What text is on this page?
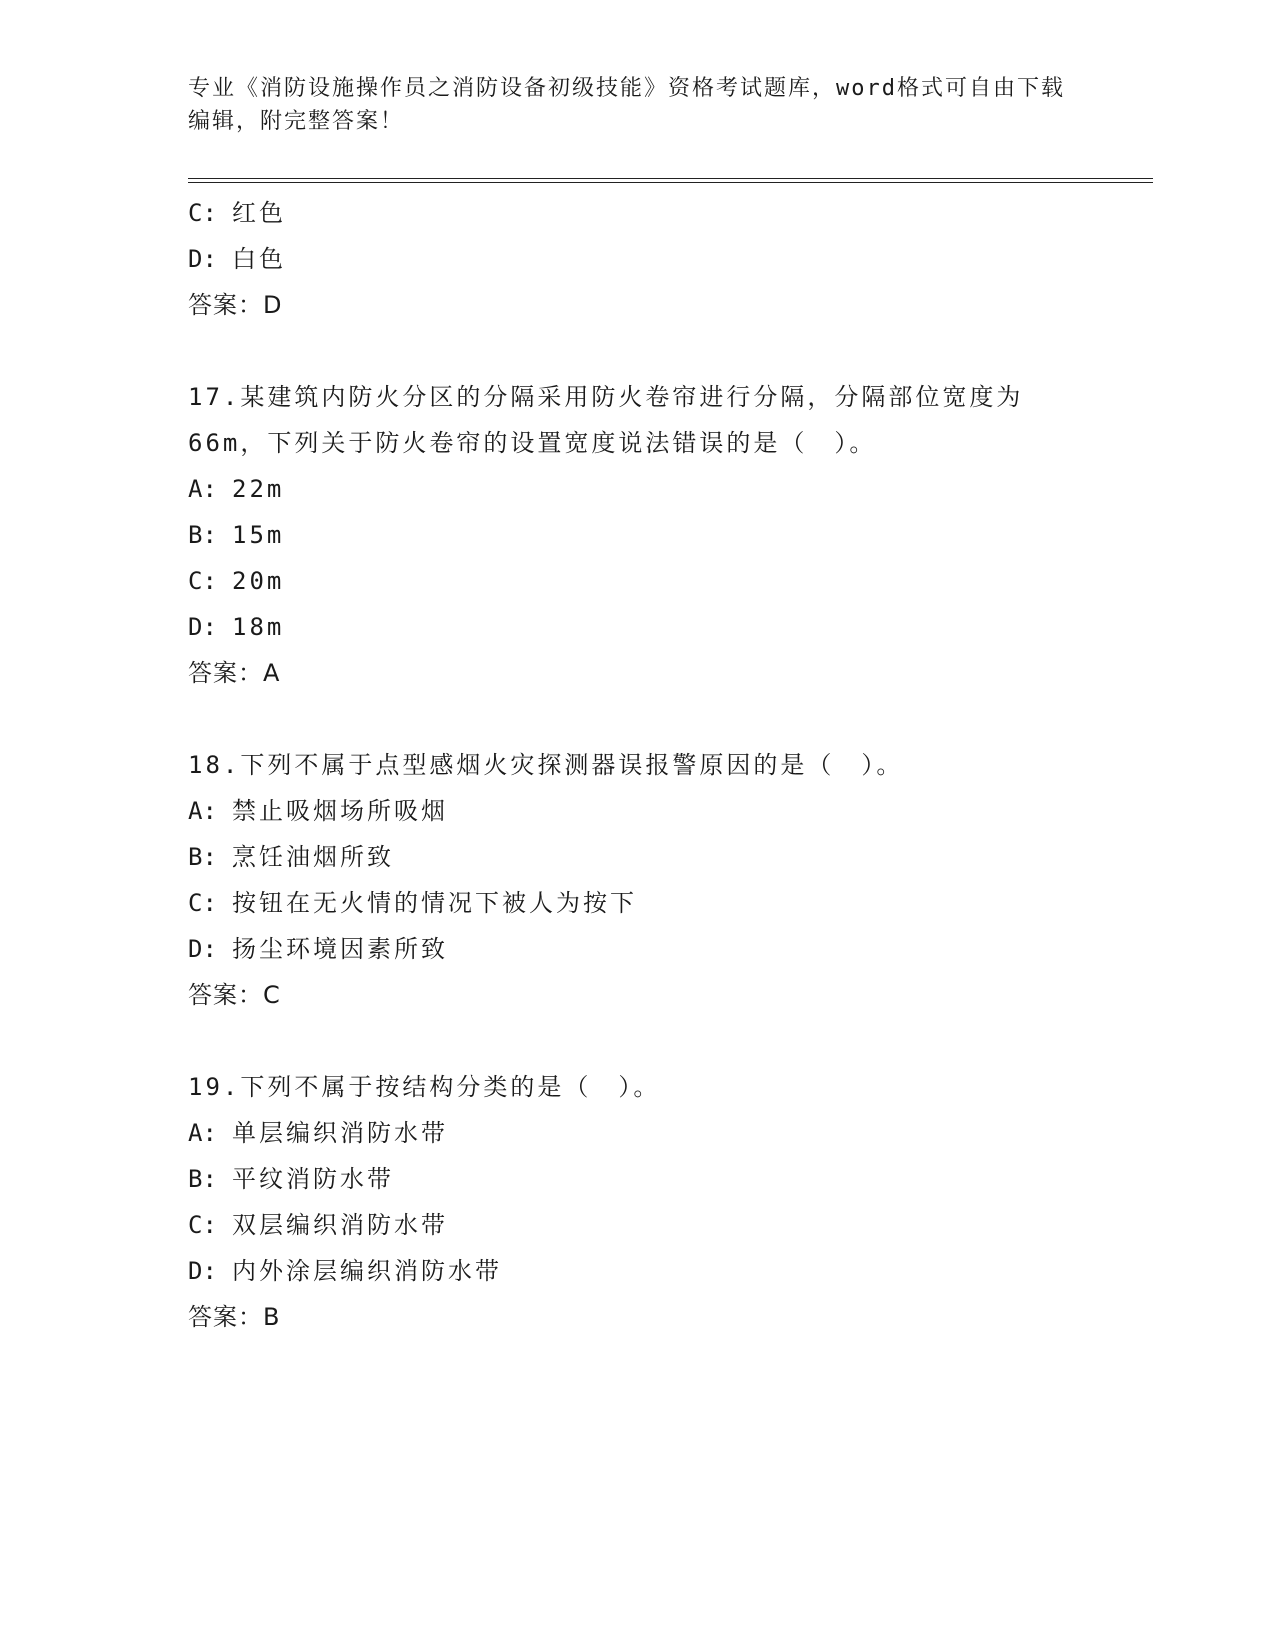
专业《消防设施操作员之消防设备初级技能》资格考试题库，word格式可自由下载编辑，附完整答案！
C: 红色
D: 白色
答案：D
17.某建筑内防火分区的分隔采用防火卷帘进行分隔，分隔部位宽度为66m，下列关于防火卷帘的设置宽度说法错误的是（　）。
A: 22m
B: 15m
C: 20m
D: 18m
答案：A
18.下列不属于点型感烟火灾探测器误报警原因的是（　）。
A: 禁止吸烟场所吸烟
B: 烹饪油烟所致
C: 按钮在无火情的情况下被人为按下
D: 扬尘环境因素所致
答案：C
19.下列不属于按结构分类的是（　）。
A: 单层编织消防水带
B: 平纹消防水带
C: 双层编织消防水带
D: 内外涂层编织消防水带
答案：B
